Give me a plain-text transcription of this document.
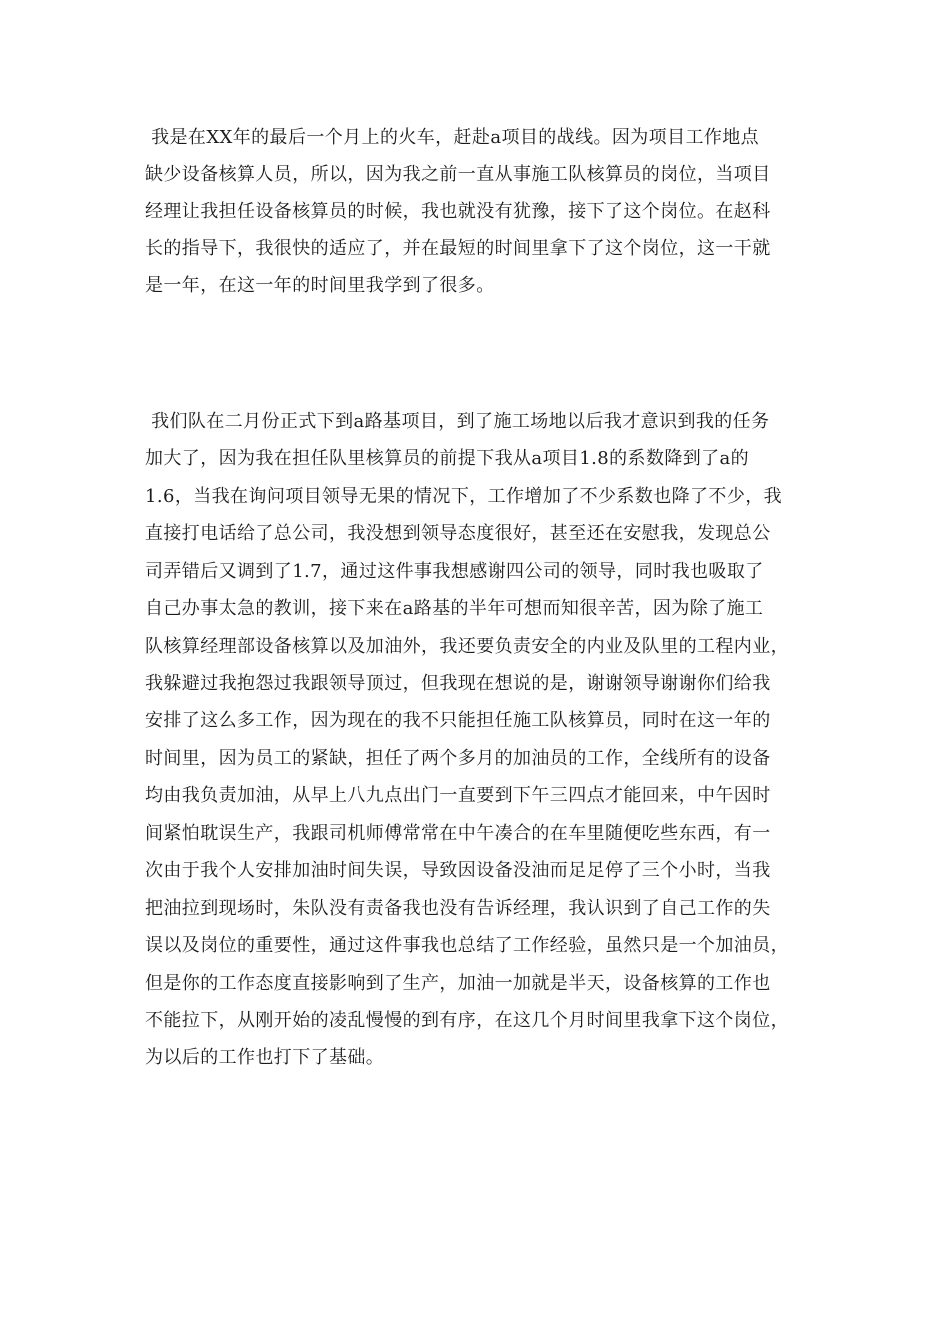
我是在XX年的最后一个月上的火车，赶赴a项目的战线。因为项目工作地点
缺少设备核算人员，所以，因为我之前一直从事施工队核算员的岗位，当项目
经理让我担任设备核算员的时候，我也就没有犹豫，接下了这个岗位。在赵科
长的指导下，我很快的适应了，并在最短的时间里拿下了这个岗位，这一干就
是一年，在这一年的时间里我学到了很多。
我们队在二月份正式下到a路基项目，到了施工场地以后我才意识到我的任务
加大了，因为我在担任队里核算员的前提下我从a项目1.8的系数降到了a的
1.6，当我在询问项目领导无果的情况下，工作增加了不少系数也降了不少，我
直接打电话给了总公司，我没想到领导态度很好，甚至还在安慰我，发现总公
司弄错后又调到了1.7，通过这件事我想感谢四公司的领导，同时我也吸取了
自己办事太急的教训，接下来在a路基的半年可想而知很辛苦，因为除了施工
队核算经理部设备核算以及加油外，我还要负责安全的内业及队里的工程内业，
我躲避过我抱怨过我跟领导顶过，但我现在想说的是，谢谢领导谢谢你们给我
安排了这么多工作，因为现在的我不只能担任施工队核算员，同时在这一年的
时间里，因为员工的紧缺，担任了两个多月的加油员的工作，全线所有的设备
均由我负责加油，从早上八九点出门一直要到下午三四点才能回来，中午因时
间紧怕耽误生产，我跟司机师傅常常在中午凑合的在车里随便吃些东西，有一
次由于我个人安排加油时间失误，导致因设备没油而足足停了三个小时，当我
把油拉到现场时，朱队没有责备我也没有告诉经理，我认识到了自己工作的失
误以及岗位的重要性，通过这件事我也总结了工作经验，虽然只是一个加油员，
但是你的工作态度直接影响到了生产，加油一加就是半天，设备核算的工作也
不能拉下，从刚开始的凌乱慢慢的到有序，在这几个月时间里我拿下这个岗位，
为以后的工作也打下了基础。
